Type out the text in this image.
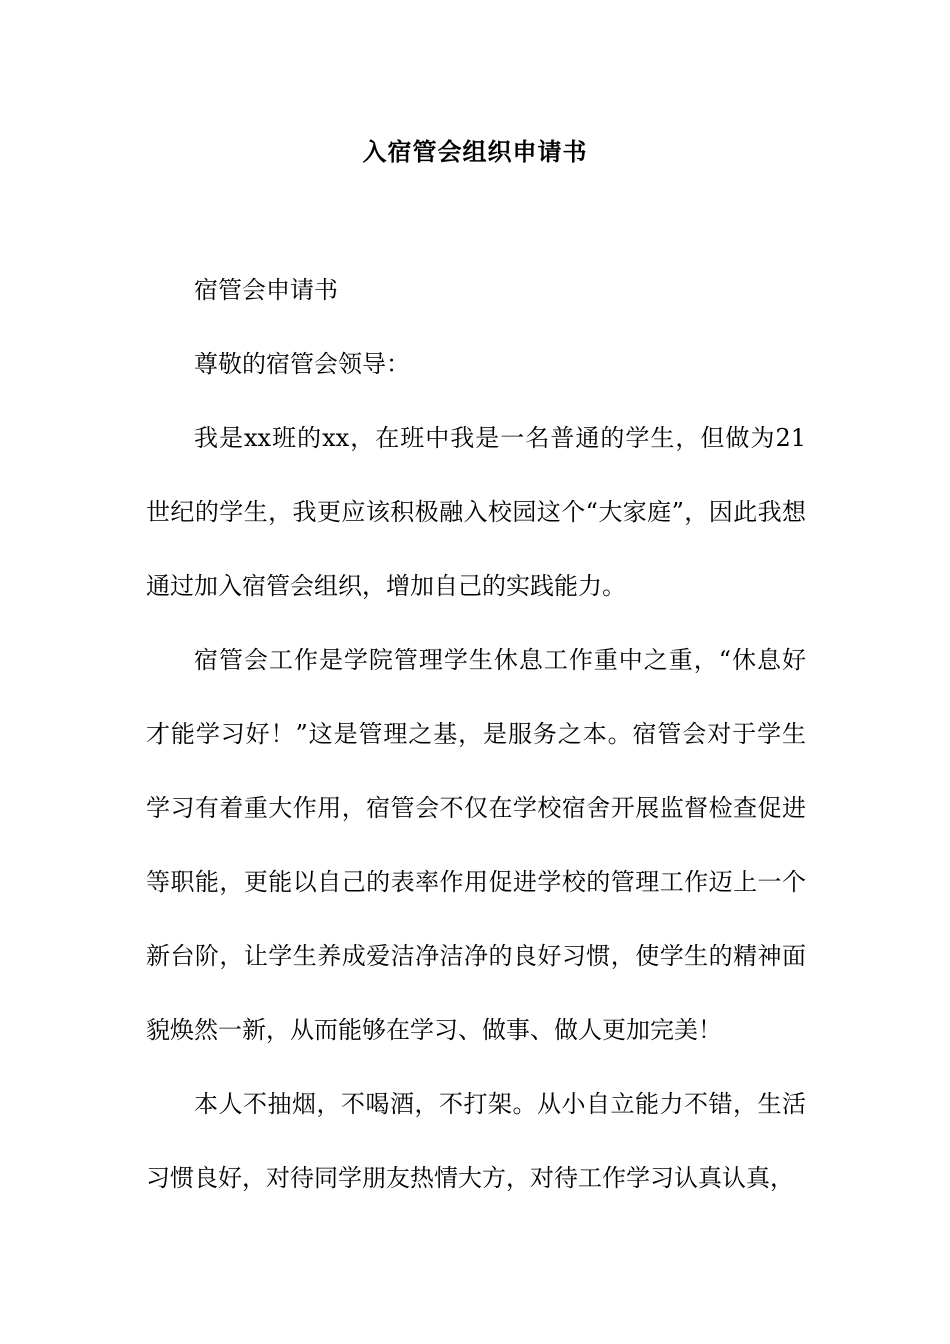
入宿管会组织申请书

宿管会申请书

尊敬的宿管会领导：

我是xx班的xx，在班中我是一名普通的学生，但做为21世纪的学生，我更应该积极融入校园这个“大家庭”，因此我想通过加入宿管会组织，增加自己的实践能力。

宿管会工作是学院管理学生休息工作重中之重，“休息好才能学习好！”这是管理之基，是服务之本。宿管会对于学生学习有着重大作用，宿管会不仅在学校宿舍开展监督检查促进等职能，更能以自己的表率作用促进学校的管理工作迈上一个新台阶，让学生养成爱洁净洁净的良好习惯，使学生的精神面貌焕然一新，从而能够在学习、做事、做人更加完美！

本人不抽烟，不喝酒，不打架。从小自立能力不错，生活习惯良好，对待同学朋友热情大方，对待工作学习认真认真，
